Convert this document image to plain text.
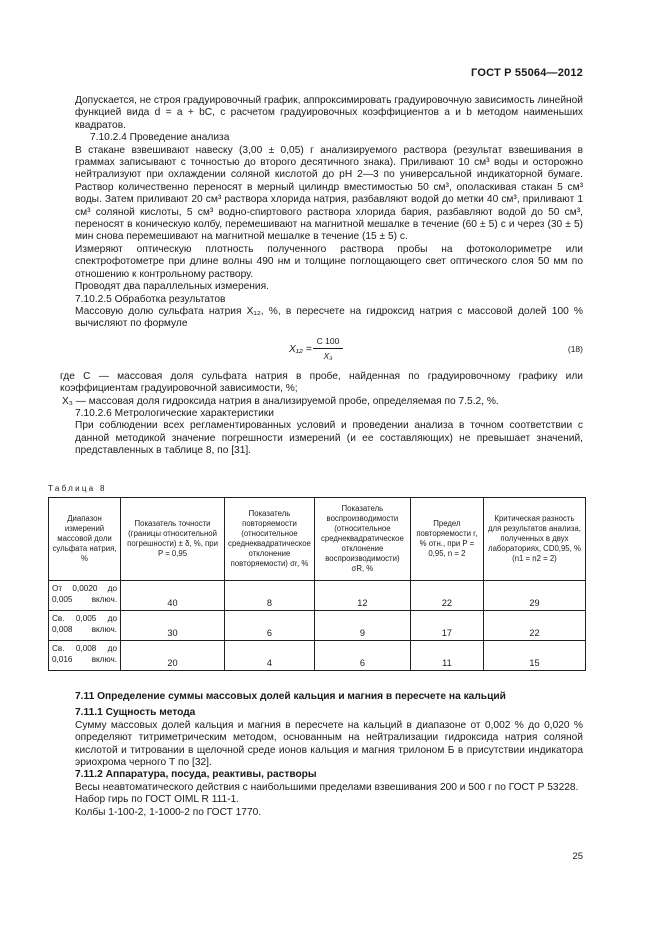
ГОСТ Р 55064—2012

Допускается, не строя градуировочный график, аппроксимировать градуировочную зависимость линейной функцией вида d = a + bC, с расчетом градуировочных коэффициентов a и b методом наименьших квадратов.

7.10.2.4 Проведение анализа

В стакане взвешивают навеску (3,00 ± 0,05) г анализируемого раствора (результат взвешивания в граммах записывают с точностью до второго десятичного знака). Приливают 10 см³ воды и осторожно нейтрализуют при охлаждении соляной кислотой до pH 2—3 по универсальной индикаторной бумаге. Раствор количественно переносят в мерный цилиндр вместимостью 50 см³, ополаскивая стакан 5 см³ воды. Затем приливают 20 см³ раствора хлорида натрия, разбавляют водой до метки 40 см³, приливают 1 см³ соляной кислоты, 5 см³ водно-спиртового раствора хлорида бария, разбавляют водой до 50 см³, переносят в коническую колбу, перемешивают на магнитной мешалке в течение (60 ± 5) с и через (30 ± 5) мин снова перемешивают на магнитной мешалке в течение (15 ± 5) с.

Измеряют оптическую плотность полученного раствора пробы на фотоколориметре или спектрофотометре при длине волны 490 нм и толщине поглощающего свет оптического слоя 50 мм по отношению к контрольному раствору.

Проводят два параллельных измерения.

7.10.2.5 Обработка результатов

Массовую долю сульфата натрия X₁₂, %, в пересчете на гидроксид натрия с массовой долей 100 % вычисляют по формуле

$X_{12} = \frac{C 100}{\text{X₃}}$	(18)

где C — массовая доля сульфата натрия в пробе, найденная по градуировочному графику или коэффициентам градуировочной зависимости, %;

X₃ — массовая доля гидроксида натрия в анализируемой пробе, определяемая по 7.5.2, %.

7.10.2.6 Метрологические характеристики

При соблюдении всех регламентированных условий и проведении анализа в точном соответствии с данной методикой значение погрешности измерений (и ее составляющих) не превышает значений, представленных в таблице 8, по [31].

Таблица 8
Диапазон измерений массовой доли сульфата натрия, %	Показатель точности (границы относительной погрешности) ± δ, %, при P = 0,95	Показатель повторяемости (относительное среднеквадратическое отклонение повторяемости) σr, %	Показатель воспроизводимости (относительное среднеквадратическое отклонение воспроизводимости) σR, %	Предел повторяемости r, % отн., при P = 0,95, n = 2	Критическая разность для результатов анализа, полученных в двух лабораториях, CD0,95, % (n1 = n2 = 2)
От 0,0020 до 0,005 включ.	40	8	12	22	29
Св. 0,005 до 0,008 включ.	30	6	9	17	22
Св. 0,008 до 0,016 включ.	20	4	6	11	15

7.11 Определение суммы массовых долей кальция и магния в пересчете на кальций

7.11.1 Сущность метода

Сумму массовых долей кальция и магния в пересчете на кальций в диапазоне от 0,002 % до 0,020 % определяют титриметрическим методом, основанным на нейтрализации гидроксида натрия соляной кислотой и титровании в щелочной среде ионов кальция и магния трилоном Б в присутствии индикатора эриохрома черного Т по [32].

7.11.2 Аппаратура, посуда, реактивы, растворы

Весы неавтоматического действия с наибольшими пределами взвешивания 200 и 500 г по ГОСТ Р 53228.

Набор гирь по ГОСТ OIML R 111-1.

Колбы 1-100-2, 1-1000-2 по ГОСТ 1770.

25
